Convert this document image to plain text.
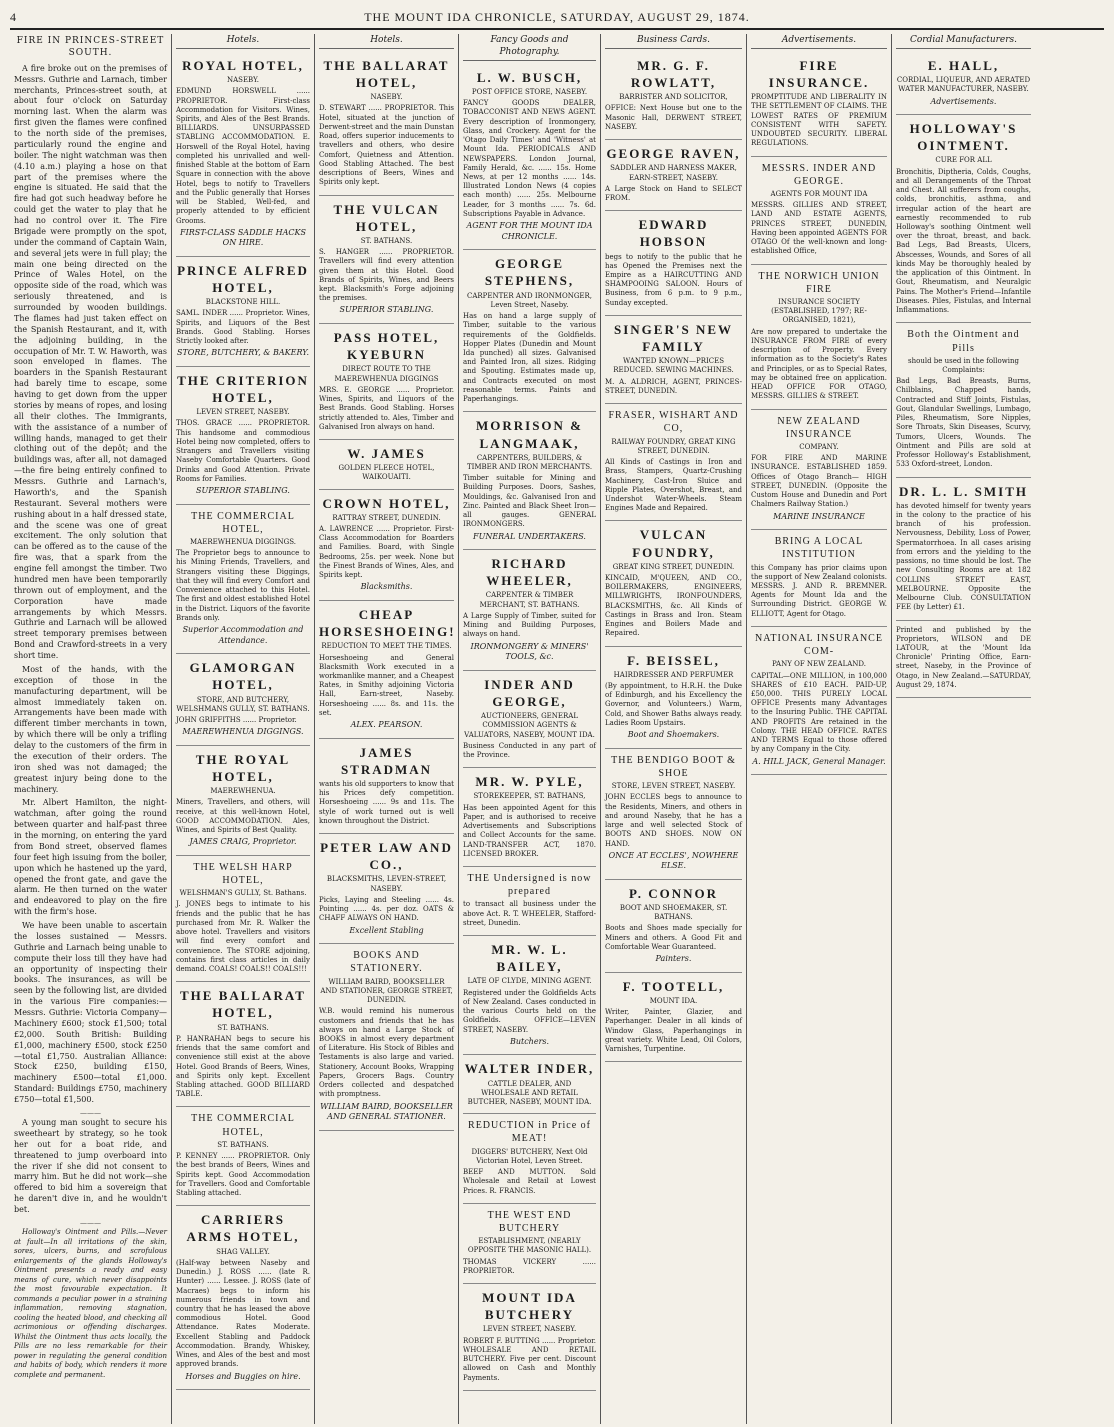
4	THE MOUNT IDA CHRONICLE, SATURDAY, AUGUST 29, 1874.
FIRE IN PRINCES-STREET SOUTH.

A fire broke out on the premises of Messrs. Guthrie and Larnach, timber merchants, Princes-street south, at about four o'clock on Saturday morning last. When the alarm was first given the flames were confined to the north side of the premises, particularly round the engine and boiler. The night watchman was then (4.10 a.m.) playing a hose on that part of the premises where the engine is situated. He said that the fire had got such headway before he could get the water to play that he had no control over it. The Fire Brigade were promptly on the spot, under the command of Captain Wain, and several jets were in full play; the main one being directed on the Prince of Wales Hotel, on the opposite side of the road, which was seriously threatened, and is surrounded by wooden buildings. The flames had just taken effect on the Spanish Restaurant, and it, with the adjoining building, in the occupation of Mr. T. W. Haworth, was soon enveloped in flames. The boarders in the Spanish Restaurant had barely time to escape, some having to get down from the upper stories by means of ropes, and losing all their clothes. The Immigrants, with the assistance of a number of willing hands, managed to get their clothing out of the depôt; and the buildings was, after all, not damaged—the fire being entirely confined to Messrs. Guthrie and Larnach's, Haworth's, and the Spanish Restaurant. Several mothers were rushing about in a half dressed state, and the scene was one of great excitement. The only solution that can be offered as to the cause of the fire was, that a spark from the engine fell amongst the timber. Two hundred men have been temporarily thrown out of employment, and the Corporation have made arrangements by which Messrs. Guthrie and Larnach will be allowed street temporary premises between Bond and Crawford-streets in a very short time.

Most of the hands, with the exception of those in the manufacturing department, will be almost immediately taken on. Arrangements have been made with different timber merchants in town, by which there will be only a trifling delay to the customers of the firm in the execution of their orders. The iron shed was not damaged; the greatest injury being done to the machinery.

Mr. Albert Hamilton, the night-watchman, after going the round between quarter and half-past three in the morning, on entering the yard from Bond street, observed flames four feet high issuing from the boiler, upon which he hastened up the yard, opened the front gate, and gave the alarm. He then turned on the water and endeavored to play on the fire with the firm's hose.

We have been unable to ascertain the losses sustained — Messrs. Guthrie and Larnach being unable to compute their loss till they have had an opportunity of inspecting their books. The insurances, as will be seen by the following list, are divided in the various Fire companies:—Messrs. Guthrie: Victoria Company—Machinery £600; stock £1,500; total £2,000. South British: Building £1,000, machinery £500, stock £250—total £1,750. Australian Alliance: Stock £250, building £150, machinery £500—total £1,000. Standard: Buildings £750, machinery £750—total £1,500.

———

A young man sought to secure his sweetheart by strategy, so he took her out for a boat ride, and threatened to jump overboard into the river if she did not consent to marry him. But he did not work—she offered to bid him a sovereign that he daren't dive in, and he wouldn't bet.

———

Holloway's Ointment and Pills.—Never at fault—In all irritations of the skin, sores, ulcers, burns, and scrofulous enlargements of the glands Holloway's Ointment presents a ready and easy means of cure, which never disappoints the most favourable expectation. It commands a peculiar power in a straining inflammation, removing stagnation, cooling the heated blood, and checking all acrimonious or offending discharges. Whilst the Ointment thus acts locally, the Pills are no less remarkable for their power in regulating the general condition and habits of body, which renders it more complete and permanent.

Hotels.
ROYAL HOTEL,
NASEBY.
EDMUND HORSWELL ...... PROPRIETOR. First-class Accommodation for Visitors. Wines, Spirits, and Ales of the Best Brands. BILLIARDS. UNSURPASSED STABLING ACCOMMODATION. E. Horswell of the Royal Hotel, having completed his unrivalled and well-finished Stable at the bottom of Earn Square in connection with the above Hotel, begs to notify to Travellers and the Public generally that Horses will be Stabled, Well-fed, and properly attended to by efficient Grooms.
FIRST-CLASS SADDLE HACKS ON HIRE.
PRINCE ALFRED HOTEL,
BLACKSTONE HILL.
SAML. INDER ...... Proprietor. Wines, Spirits, and Liquors of the Best Brands. Good Stabling. Horses Strictly looked after.
STORE, BUTCHERY, & BAKERY.
THE CRITERION HOTEL,
LEVEN STREET, NASEBY.
THOS. GRACE ...... PROPRIETOR. This handsome and commodious Hotel being now completed, offers to Strangers and Travellers visiting Naseby Comfortable Quarters. Good Drinks and Good Attention. Private Rooms for Families.
SUPERIOR STABLING.
THE COMMERCIAL HOTEL,
MAEREWHENUA DIGGINGS.
The Proprietor begs to announce to his Mining Friends, Travellers, and Strangers visiting these Diggings, that they will find every Comfort and Convenience attached to this Hotel. The first and oldest established Hotel in the District. Liquors of the favorite Brands only.
Superior Accommodation and Attendance.
GLAMORGAN HOTEL,
STORE, AND BUTCHERY, WELSHMANS GULLY, ST. BATHANS.
JOHN GRIFFITHS ...... Proprietor.
MAEREWHENUA DIGGINGS.
THE ROYAL HOTEL,
MAEREWHENUA.
Miners, Travellers, and others, will receive, at this well-known Hotel, GOOD ACCOMMODATION. Ales, Wines, and Spirits of Best Quality.
JAMES CRAIG, Proprietor.
THE WELSH HARP HOTEL,
WELSHMAN'S GULLY, St. Bathans.
J. JONES begs to intimate to his friends and the public that he has purchased from Mr. R. Walker the above hotel. Travellers and visitors will find every comfort and convenience. The STORE adjoining, contains first class articles in daily demand. COALS! COALS!! COALS!!!
THE BALLARAT HOTEL,
ST. BATHANS.
P. HANRAHAN begs to secure his friends that the same comfort and convenience still exist at the above Hotel. Good Brands of Beers, Wines, and Spirits only kept. Excellent Stabling attached. GOOD BILLIARD TABLE.
THE COMMERCIAL HOTEL,
ST. BATHANS.
P. KENNEY ...... PROPRIETOR. Only the best brands of Beers, Wines and Spirits kept. Good Accommodation for Travellers. Good and Comfortable Stabling attached.
CARRIERS ARMS HOTEL,
SHAG VALLEY.
(Half-way between Naseby and Dunedin.) J. ROSS ...... (late R. Hunter) ...... Lessee. J. ROSS (late of Macraes) begs to inform his numerous friends in town and country that he has leased the above commodious Hotel. Good Attendance. Rates Moderate. Excellent Stabling and Paddock Accommodation. Brandy, Whiskey, Wines, and Ales of the best and most approved brands.
Horses and Buggies on hire.
Hotels.
THE BALLARAT HOTEL,
NASEBY.
D. STEWART ...... PROPRIETOR. This Hotel, situated at the junction of Derwent-street and the main Dunstan Road, offers superior inducements to travellers and others, who desire Comfort, Quietness and Attention. Good Stabling Attached. The best descriptions of Beers, Wines and Spirits only kept.
THE VULCAN HOTEL,
ST. BATHANS.
S. HANGER ...... PROPRIETOR. Travellers will find every attention given them at this Hotel. Good Brands of Spirits, Wines, and Beers kept. Blacksmith's Forge adjoining the premises.
SUPERIOR STABLING.
PASS HOTEL, KYEBURN
DIRECT ROUTE TO THE MAEREWHENUA DIGGINGS
MRS. E. GEORGE ...... Proprietor. Wines, Spirits, and Liquors of the Best Brands. Good Stabling. Horses strictly attended to. Ales, Timber and Galvanised Iron always on hand.
W. JAMES
GOLDEN FLEECE HOTEL, WAIKOUAITI.
CROWN HOTEL,
RATTRAY STREET, DUNEDIN.
A. LAWRENCE ...... Proprietor. First-Class Accommodation for Boarders and Families. Board, with Single Bedrooms, 25s. per week. None but the Finest Brands of Wines, Ales, and Spirits kept.
Blacksmiths.
CHEAP HORSESHOEING!
REDUCTION TO MEET THE TIMES.
Horseshoeing and General Blacksmith Work executed in a workmanlike manner, and a Cheapest Rates, in Smithy adjoining Victoria Hall, Earn-street, Naseby. Horseshoeing ...... 8s. and 11s. the set.
ALEX. PEARSON.
JAMES STRADMAN
wants his old supporters to know that his Prices defy competition. Horseshoeing ...... 9s and 11s. The style of work turned out is well known throughout the District.
PETER LAW AND CO.,
BLACKSMITHS, LEVEN-STREET, NASEBY.
Picks, Laying and Steeling ...... 4s. Pointing ...... 4s. per doz. OATS & CHAFF ALWAYS ON HAND.
Excellent Stabling
BOOKS AND STATIONERY.
WILLIAM BAIRD, BOOKSELLER AND STATIONER, GEORGE STREET, DUNEDIN.
W.B. would remind his numerous customers and friends that he has always on hand a Large Stock of BOOKS in almost every department of Literature. His Stock of Bibles and Testaments is also large and varied. Stationery, Account Books, Wrapping Papers, Grocers Bags. Country Orders collected and despatched with promptness.
WILLIAM BAIRD, BOOKSELLER AND GENERAL STATIONER.
Fancy Goods and Photography.
L. W. BUSCH,
POST OFFICE STORE, NASEBY.
FANCY GOODS DEALER, TOBACCONIST AND NEWS AGENT. Every description of Ironmongery, Glass, and Crockery. Agent for the 'Otago Daily Times' and 'Witness' at Mount Ida. PERIODICALS AND NEWSPAPERS. London Journal, Family Herald, &c. ...... 15s. Home News, at per 12 months ...... 14s. Illustrated London News (4 copies each month) ...... 25s. Melbourne Leader, for 3 months ...... 7s. 6d. Subscriptions Payable in Advance.
AGENT FOR THE MOUNT IDA CHRONICLE.
GEORGE STEPHENS,
CARPENTER AND IRONMONGER, Leven Street, Naseby.
Has on hand a large supply of Timber, suitable to the various requirements of the Goldfields. Hopper Plates (Dunedin and Mount Ida punched) all sizes. Galvanised and Painted Iron, all sizes. Ridging and Spouting. Estimates made up, and Contracts executed on most reasonable terms. Paints and Paperhangings.
MORRISON & LANGMAAK,
CARPENTERS, BUILDERS, & TIMBER AND IRON MERCHANTS.
Timber suitable for Mining and Building Purposes. Doors, Sashes, Mouldings, &c. Galvanised Iron and Zinc. Painted and Black Sheet Iron—all gauges. GENERAL IRONMONGERS.
FUNERAL UNDERTAKERS.
RICHARD WHEELER,
CARPENTER & TIMBER MERCHANT, ST. BATHANS.
A Large Supply of Timber, suited for Mining and Building Purposes, always on hand.
IRONMONGERY & MINERS' TOOLS, &c.
INDER AND GEORGE,
AUCTIONEERS, GENERAL COMMISSION AGENTS & VALUATORS, NASEBY, MOUNT IDA.
Business Conducted in any part of the Province.
MR. W. PYLE,
STOREKEEPER, ST. BATHANS,
Has been appointed Agent for this Paper, and is authorised to receive Advertisements and Subscriptions and Collect Accounts for the same. LAND-TRANSFER ACT, 1870. LICENSED BROKER.
THE Undersigned is now prepared
to transact all business under the above Act. R. T. WHEELER, Stafford-street, Dunedin.
MR. W. L. BAILEY,
LATE OF CLYDE, MINING AGENT.
Registered under the Goldfields Acts of New Zealand. Cases conducted in the various Courts held on the Goldfields. OFFICE—LEVEN STREET, NASEBY.
Butchers.
WALTER INDER,
CATTLE DEALER, AND WHOLESALE AND RETAIL BUTCHER, NASEBY, MOUNT IDA.
REDUCTION in Price of MEAT!
DIGGERS' BUTCHERY, Next Old Victorian Hotel, Leven Street.
BEEF AND MUTTON. Sold Wholesale and Retail at Lowest Prices. R. FRANCIS.
THE WEST END BUTCHERY
ESTABLISHMENT, (NEARLY OPPOSITE THE MASONIC HALL).
THOMAS VICKERY ...... PROPRIETOR.
MOUNT IDA BUTCHERY
LEVEN STREET, NASEBY.
ROBERT F. BUTTING ...... Proprietor. WHOLESALE AND RETAIL BUTCHERY. Five per cent. Discount allowed on Cash and Monthly Payments.
Business Cards.
MR. G. F. ROWLATT,
BARRISTER AND SOLICITOR,
OFFICE: Next House but one to the Masonic Hall, DERWENT STREET, NASEBY.
GEORGE RAVEN,
SADDLER AND HARNESS MAKER, EARN-STREET, NASEBY.
A Large Stock on Hand to SELECT FROM.
EDWARD HOBSON
begs to notify to the public that he has Opened the Premises next the Empire as a HAIRCUTTING AND SHAMPOOING SALOON. Hours of Business, from 6 p.m. to 9 p.m., Sunday excepted.
SINGER'S NEW FAMILY
WANTED KNOWN—PRICES REDUCED. SEWING MACHINES.
M. A. ALDRICH, AGENT, PRINCES-STREET, DUNEDIN.
FRASER, WISHART AND CO,
RAILWAY FOUNDRY, GREAT KING STREET, DUNEDIN.
All Kinds of Castings in Iron and Brass, Stampers, Quartz-Crushing Machinery, Cast-Iron Sluice and Ripple Plates, Overshot, Breast, and Undershot Water-Wheels. Steam Engines Made and Repaired.
VULCAN FOUNDRY,
GREAT KING STREET, DUNEDIN.
KINCAID, M'QUEEN, AND CO., BOILERMAKERS, ENGINEERS, MILLWRIGHTS, IRONFOUNDERS, BLACKSMITHS, &c. All Kinds of Castings in Brass and Iron. Steam Engines and Boilers Made and Repaired.
F. BEISSEL,
HAIRDRESSER AND PERFUMER
(By appointment, to H.R.H. the Duke of Edinburgh, and his Excellency the Governor, and Volunteers.) Warm, Cold, and Shower Baths always ready. Ladies Room Upstairs.
Boot and Shoemakers.
THE BENDIGO BOOT & SHOE
STORE, LEVEN STREET, NASEBY.
JOHN ECCLES begs to announce to the Residents, Miners, and others in and around Naseby, that he has a large and well selected Stock of BOOTS AND SHOES. NOW ON HAND.
ONCE AT ECCLES', NOWHERE ELSE.
P. CONNOR
BOOT AND SHOEMAKER, ST. BATHANS.
Boots and Shoes made specially for Miners and others. A Good Fit and Comfortable Wear Guaranteed.
Painters.
F. TOOTELL,
MOUNT IDA.
Writer, Painter, Glazier, and Paperhanger. Dealer in all kinds of Window Glass, Paperhangings in great variety. White Lead, Oil Colors, Varnishes, Turpentine.
Advertisements.
FIRE INSURANCE.
PROMPTITUDE AND LIBERALITY IN THE SETTLEMENT OF CLAIMS. THE LOWEST RATES OF PREMIUM CONSISTENT WITH SAFETY. UNDOUBTED SECURITY. LIBERAL REGULATIONS.
MESSRS. INDER AND GEORGE.
AGENTS FOR MOUNT IDA
MESSRS. GILLIES AND STREET, LAND AND ESTATE AGENTS, PRINCES STREET, DUNEDIN, Having been appointed AGENTS FOR OTAGO Of the well-known and long-established Office,
THE NORWICH UNION FIRE
INSURANCE SOCIETY (ESTABLISHED, 1797; RE-ORGANISED, 1821),
Are now prepared to undertake the INSURANCE FROM FIRE of every description of Property. Every information as to the Society's Rates and Principles, or as to Special Rates, may be obtained free on application. HEAD OFFICE FOR OTAGO, MESSRS. GILLIES & STREET.
NEW ZEALAND INSURANCE
COMPANY.
FOR FIRE AND MARINE INSURANCE. ESTABLISHED 1859. Offices of Otago Branch— HIGH STREET, DUNEDIN. (Opposite the Custom House and Dunedin and Port Chalmers Railway Station.)
MARINE INSURANCE
BRING A LOCAL INSTITUTION
this Company has prior claims upon the support of New Zealand colonists. MESSRS. J. AND R. BREMNER. Agents for Mount Ida and the Surrounding District. GEORGE W. ELLIOTT, Agent for Otago.
NATIONAL INSURANCE COM-
PANY OF NEW ZEALAND.
CAPITAL—ONE MILLION, in 100,000 SHARES of £10 EACH. PAID-UP, £50,000. THIS PURELY LOCAL OFFICE Presents many Advantages to the Insuring Public. THE CAPITAL AND PROFITS Are retained in the Colony. THE HEAD OFFICE. RATES AND TERMS Equal to those offered by any Company in the City.
A. HILL JACK, General Manager.
Cordial Manufacturers.
E. HALL,
CORDIAL, LIQUEUR, AND AERATED WATER MANUFACTURER, NASEBY.
Advertisements.
HOLLOWAY'S OINTMENT.
CURE FOR ALL
Bronchitis, Diptheria, Colds, Coughs, and all Derangements of the Throat and Chest. All sufferers from coughs, colds, bronchitis, asthma, and irregular action of the heart are earnestly recommended to rub Holloway's soothing Ointment well over the throat, breast, and back. Bad Legs, Bad Breasts, Ulcers, Abscesses, Wounds, and Sores of all kinds May be thoroughly healed by the application of this Ointment. In Gout, Rheumatism, and Neuralgic Pains. The Mother's Friend—Infantile Diseases. Piles, Fistulas, and Internal Inflammations.
Both the Ointment and Pills
should be used in the following Complaints:
Bad Legs, Bad Breasts, Burns, Chilblains, Chapped hands, Contracted and Stiff Joints, Fistulas, Gout, Glandular Swellings, Lumbago, Piles, Rheumatism, Sore Nipples, Sore Throats, Skin Diseases, Scurvy, Tumors, Ulcers, Wounds. The Ointment and Pills are sold at Professor Holloway's Establishment, 533 Oxford-street, London.
DR. L. L. SMITH
has devoted himself for twenty years in the colony to the practice of his branch of his profession. Nervousness, Debility, Loss of Power, Spermatorrhoea. In all cases arising from errors and the yielding to the passions, no time should be lost. The new Consulting Rooms are at 182 COLLINS STREET EAST, MELBOURNE. Opposite the Melbourne Club. CONSULTATION FEE (by Letter) £1.
Printed and published by the Proprietors, WILSON and DE LATOUR, at the 'Mount Ida Chronicle' Printing Office, Earn-street, Naseby, in the Province of Otago, in New Zealand.—SATURDAY, August 29, 1874.
